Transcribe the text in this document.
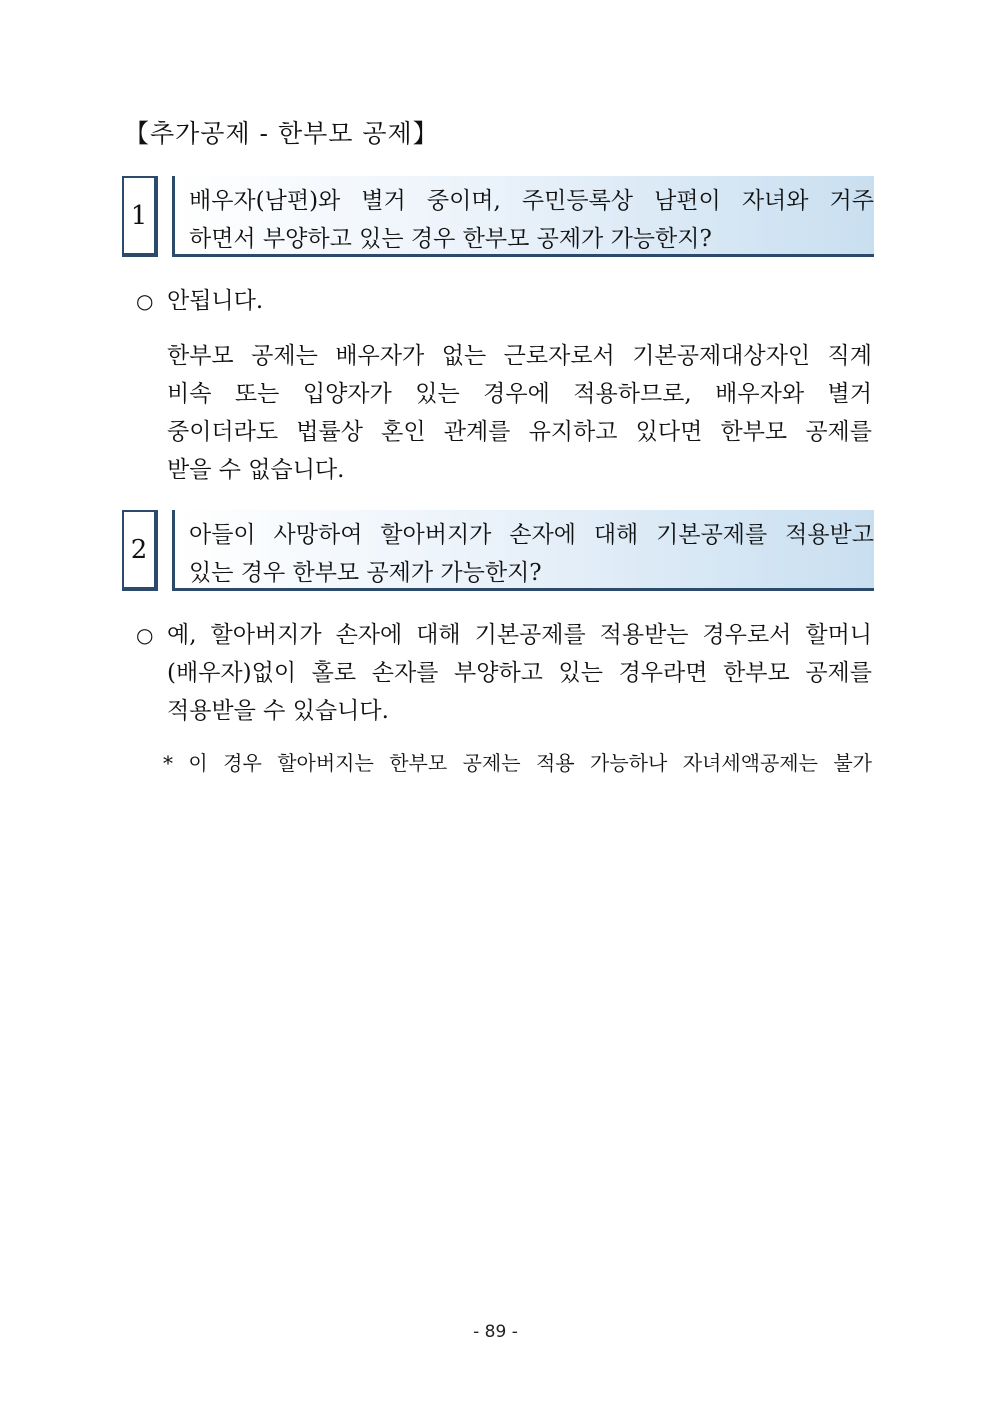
【추가공제 - 한부모 공제】
1	배우자(남편)와 별거 중이며, 주민등록상 남편이 자녀와 거주
하면서 부양하고 있는 경우 한부모 공제가 가능한지?
○ 안됩니다.
한부모 공제는 배우자가 없는 근로자로서 기본공제대상자인 직계
비속 또는 입양자가 있는 경우에 적용하므로, 배우자와 별거
중이더라도 법률상 혼인 관계를 유지하고 있다면 한부모 공제를
받을 수 없습니다.
2	아들이 사망하여 할아버지가 손자에 대해 기본공제를 적용받고
있는 경우 한부모 공제가 가능한지?
○ 예, 할아버지가 손자에 대해 기본공제를 적용받는 경우로서 할머니
(배우자)없이 홀로 손자를 부양하고 있는 경우라면 한부모 공제를
적용받을 수 있습니다.
* 이 경우 할아버지는 한부모 공제는 적용 가능하나 자녀세액공제는 불가
- 89 -
